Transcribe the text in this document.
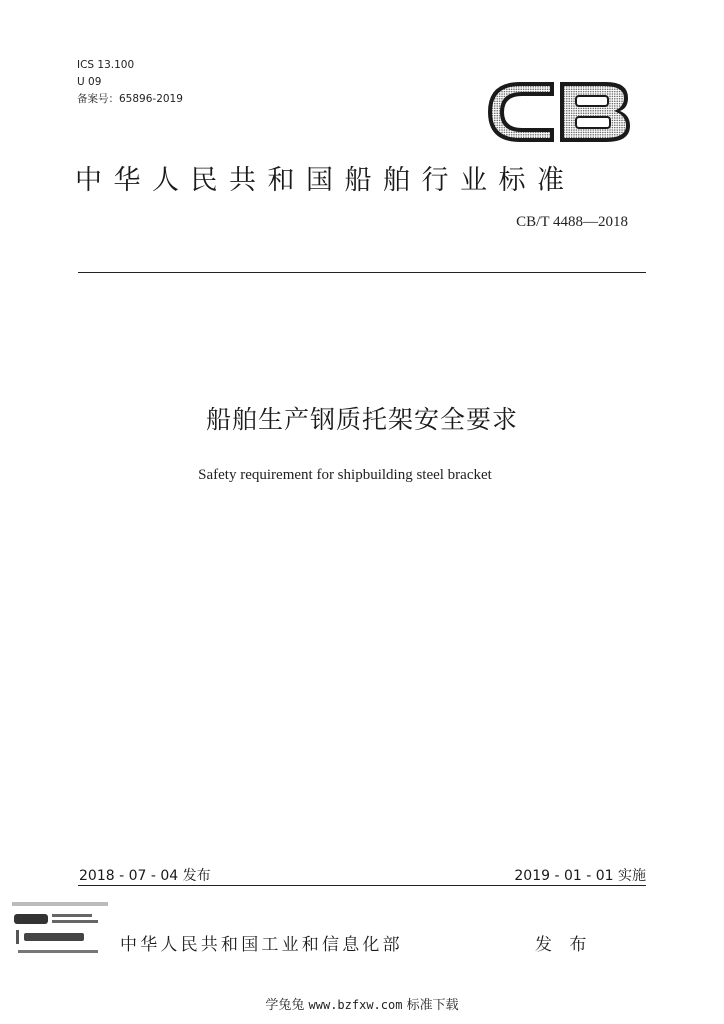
ICS 13.100
U 09
备案号：65896-2019
中华人民共和国船舶行业标准
CB/T 4488—2018
船舶生产钢质托架安全要求
Safety requirement for shipbuilding steel bracket
2018 - 07 - 04 发布	2019 - 01 - 01 实施
中华人民共和国工业和信息化部	发 布
学兔兔 www.bzfxw.com 标准下载
